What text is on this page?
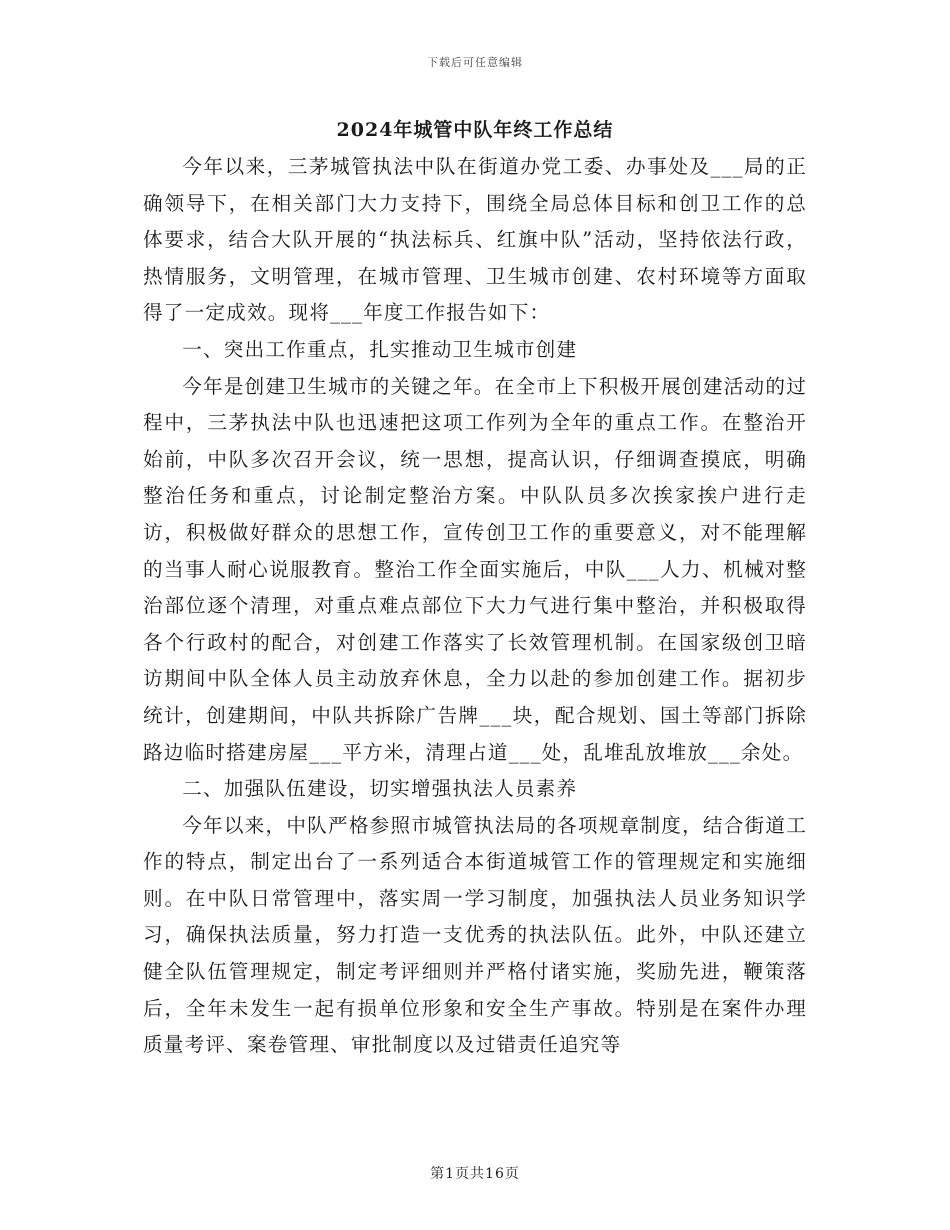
下载后可任意编辑
2024年城管中队年终工作总结

今年以来，三茅城管执法中队在街道办党工委、办事处及___局的正确领导下，在相关部门大力支持下，围绕全局总体目标和创卫工作的总体要求，结合大队开展的“执法标兵、红旗中队”活动，坚持依法行政，热情服务，文明管理，在城市管理、卫生城市创建、农村环境等方面取得了一定成效。现将___年度工作报告如下：

一、突出工作重点，扎实推动卫生城市创建

今年是创建卫生城市的关键之年。在全市上下积极开展创建活动的过程中，三茅执法中队也迅速把这项工作列为全年的重点工作。在整治开始前，中队多次召开会议，统一思想，提高认识，仔细调查摸底，明确整治任务和重点，讨论制定整治方案。中队队员多次挨家挨户进行走访，积极做好群众的思想工作，宣传创卫工作的重要意义，对不能理解的当事人耐心说服教育。整治工作全面实施后，中队___人力、机械对整治部位逐个清理，对重点难点部位下大力气进行集中整治，并积极取得各个行政村的配合，对创建工作落实了长效管理机制。在国家级创卫暗访期间中队全体人员主动放弃休息，全力以赴的参加创建工作。据初步统计，创建期间，中队共拆除广告牌___块，配合规划、国土等部门拆除路边临时搭建房屋___平方米，清理占道___处，乱堆乱放堆放___余处。

二、加强队伍建设，切实增强执法人员素养

今年以来，中队严格参照市城管执法局的各项规章制度，结合街道工作的特点，制定出台了一系列适合本街道城管工作的管理规定和实施细则。在中队日常管理中，落实周一学习制度，加强执法人员业务知识学习，确保执法质量，努力打造一支优秀的执法队伍。此外，中队还建立健全队伍管理规定，制定考评细则并严格付诸实施，奖励先进，鞭策落后，全年未发生一起有损单位形象和安全生产事故。特别是在案件办理质量考评、案卷管理、审批制度以及过错责任追究等

第1页共16页
